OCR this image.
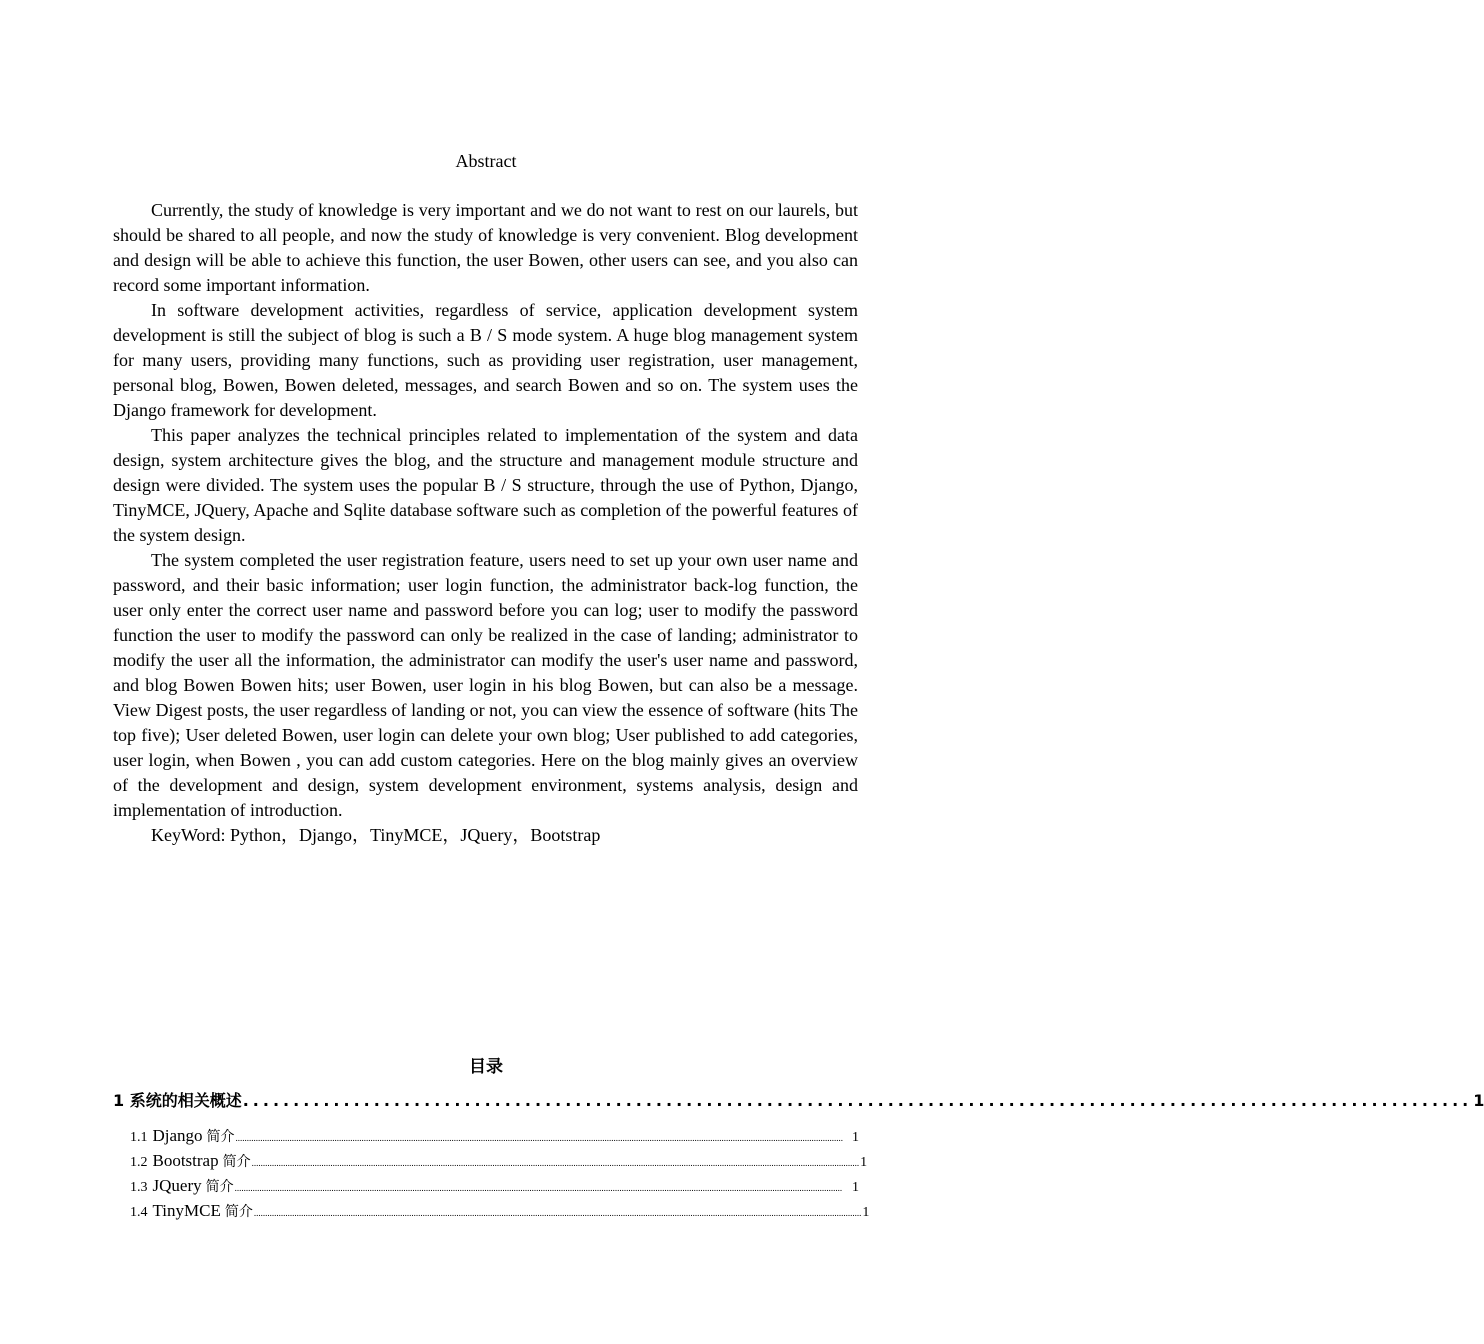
Abstract

Currently, the study of knowledge is very important and we do not want to rest on our laurels, but should be shared to all people, and now the study of knowledge is very convenient. Blog development and design will be able to achieve this function, the user Bowen, other users can see, and you also can record some important information.

In software development activities, regardless of service, application development system development is still the subject of blog is such a B / S mode system. A huge blog management system for many users, providing many functions, such as providing user registration, user management, personal blog, Bowen, Bowen deleted, messages, and search Bowen and so on. The system uses the Django framework for development.

This paper analyzes the technical principles related to implementation of the system and data design, system architecture gives the blog, and the structure and management module structure and design were divided. The system uses the popular B / S structure, through the use of Python, Django, TinyMCE, JQuery, Apache and Sqlite database software such as completion of the powerful features of the system design.

The system completed the user registration feature, users need to set up your own user name and password, and their basic information; user login function, the administrator back-log function, the user only enter the correct user name and password before you can log; user to modify the password function the user to modify the password can only be realized in the case of landing; administrator to modify the user all the information, the administrator can modify the user's user name and password, and blog Bowen Bowen hits; user Bowen, user login in his blog Bowen, but can also be a message. View Digest posts, the user regardless of landing or not, you can view the essence of software (hits The top five); User deleted Bowen, user login can delete your own blog; User published to add categories, user login, when Bowen , you can add custom categories. Here on the blog mainly gives an overview of the development and design, system development environment, systems analysis, design and implementation of introduction.

KeyWord: Python，Django，TinyMCE，JQuery，Bootstrap

目录
1 系统的相关概述 .......................................................................................................................... 1
1.1 Django 简介 .............................................................................................................................................................................................................................................................................. 1
1.2 Bootstrap 简介 .............................................................................................................................................................................................................................................................................. 1
1.3 JQuery 简介 .............................................................................................................................................................................................................................................................................. 1
1.4 TinyMCE 简介 .............................................................................................................................................................................................................................................................................. 1
